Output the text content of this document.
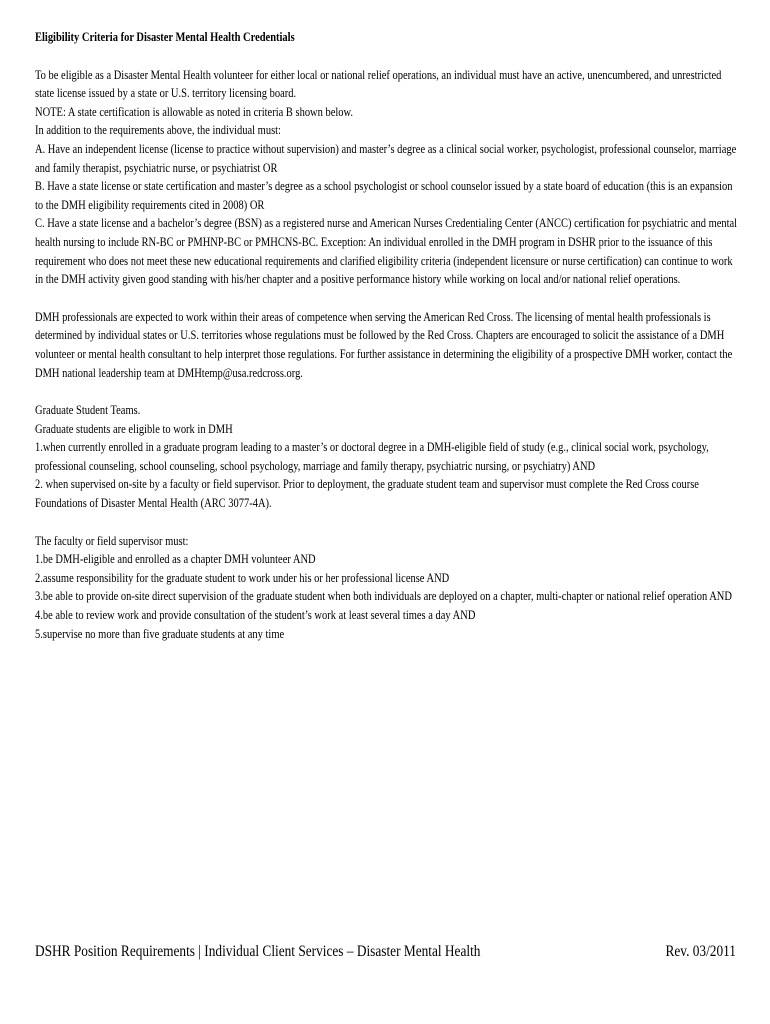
Eligibility Criteria for Disaster Mental Health Credentials
To be eligible as a Disaster Mental Health volunteer for either local or national relief operations, an individual must have an active, unencumbered, and unrestricted state license issued by a state or U.S. territory licensing board.
NOTE: A state certification is allowable as noted in criteria B shown below.
In addition to the requirements above, the individual must:
A. Have an independent license (license to practice without supervision) and master’s degree as a clinical social worker, psychologist, professional counselor, marriage and family therapist, psychiatric nurse, or psychiatrist OR
B. Have a state license or state certification and master’s degree as a school psychologist or school counselor issued by a state board of education (this is an expansion to the DMH eligibility requirements cited in 2008) OR
C. Have a state license and a bachelor’s degree (BSN) as a registered nurse and American Nurses Credentialing Center (ANCC) certification for psychiatric and mental health nursing to include RN-BC or PMHNP-BC or PMHCNS-BC. Exception: An individual enrolled in the DMH program in DSHR prior to the issuance of this requirement who does not meet these new educational requirements and clarified eligibility criteria (independent licensure or nurse certification) can continue to work in the DMH activity given good standing with his/her chapter and a positive performance history while working on local and/or national relief operations.
DMH professionals are expected to work within their areas of competence when serving the American Red Cross. The licensing of mental health professionals is determined by individual states or U.S. territories whose regulations must be followed by the Red Cross. Chapters are encouraged to solicit the assistance of a DMH volunteer or mental health consultant to help interpret those regulations. For further assistance in determining the eligibility of a prospective DMH worker, contact the DMH national leadership team at DMHtemp@usa.redcross.org.
Graduate Student Teams.
Graduate students are eligible to work in DMH
1.when currently enrolled in a graduate program leading to a master’s or doctoral degree in a DMH-eligible field of study (e.g., clinical social work, psychology, professional counseling, school counseling, school psychology, marriage and family therapy, psychiatric nursing, or psychiatry) AND
2. when supervised on-site by a faculty or field supervisor. Prior to deployment, the graduate student team and supervisor must complete the Red Cross course Foundations of Disaster Mental Health (ARC 3077-4A).
The faculty or field supervisor must:
1.be DMH-eligible and enrolled as a chapter DMH volunteer AND
2.assume responsibility for the graduate student to work under his or her professional license AND
3.be able to provide on-site direct supervision of the graduate student when both individuals are deployed on a chapter, multi-chapter or national relief operation AND
4.be able to review work and provide consultation of the student’s work at least several times a day AND
5.supervise no more than five graduate students at any time
DSHR Position Requirements | Individual Client Services – Disaster Mental Health	Rev. 03/2011
